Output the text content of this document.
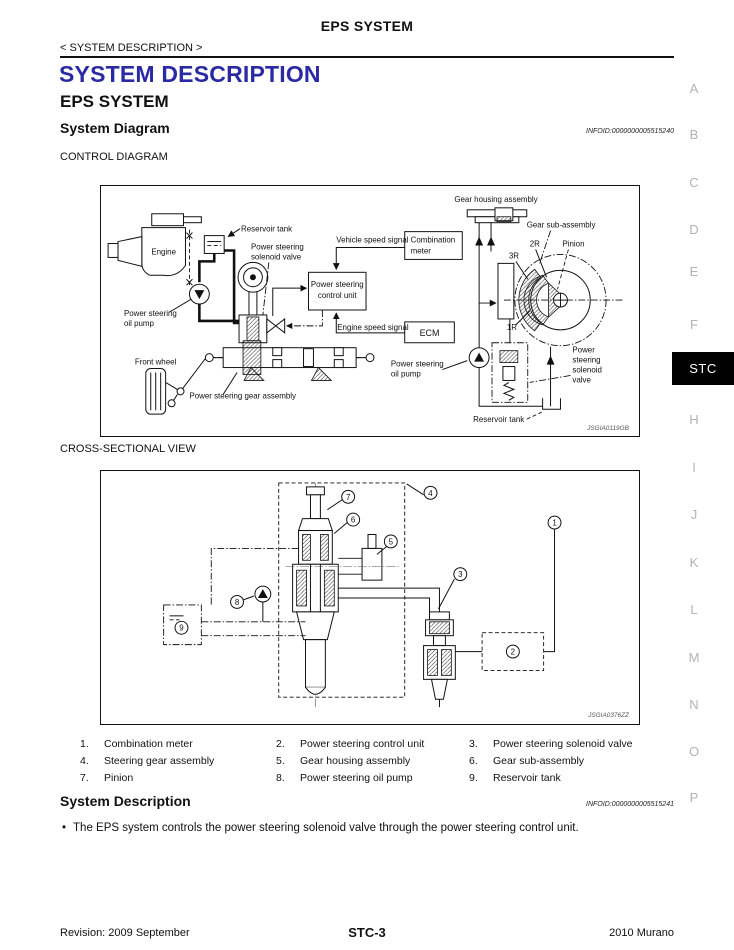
EPS SYSTEM
< SYSTEM DESCRIPTION >
SYSTEM DESCRIPTION
EPS SYSTEM
System Diagram	INFOID:0000000005515240
CONTROL DIAGRAM
Engine
Power steering
oil pump
Reservoir tank
Power steering
solenoid valve
Power steering
control unit
Combination
meter
ECM
Vehicle speed signal
Engine speed signal
Power steering gear assembly
Front wheel
Gear housing assembly
Power steering
oil pump
Gear sub-assembly
2R	Pinion
3R
1R
Power
steering
solenoid
valve
Reservoir tank
JSGIA0119GB
CROSS-SECTIONAL VIEW
7
6
5
4
1
3
8
9
2
JSGIA0376ZZ
1. Combination meter	2. Power steering control unit	3. Power steering solenoid valve
4. Steering gear assembly	5. Gear housing assembly	6. Gear sub-assembly
7. Pinion	8. Power steering oil pump	9. Reservoir tank
System Description	INFOID:0000000005515241
• The EPS system controls the power steering solenoid valve through the power steering control unit.
Revision: 2009 September	STC-3	2010 Murano
A
B
C
D
E
F
STC
H
I
J
K
L
M
N
O
P
